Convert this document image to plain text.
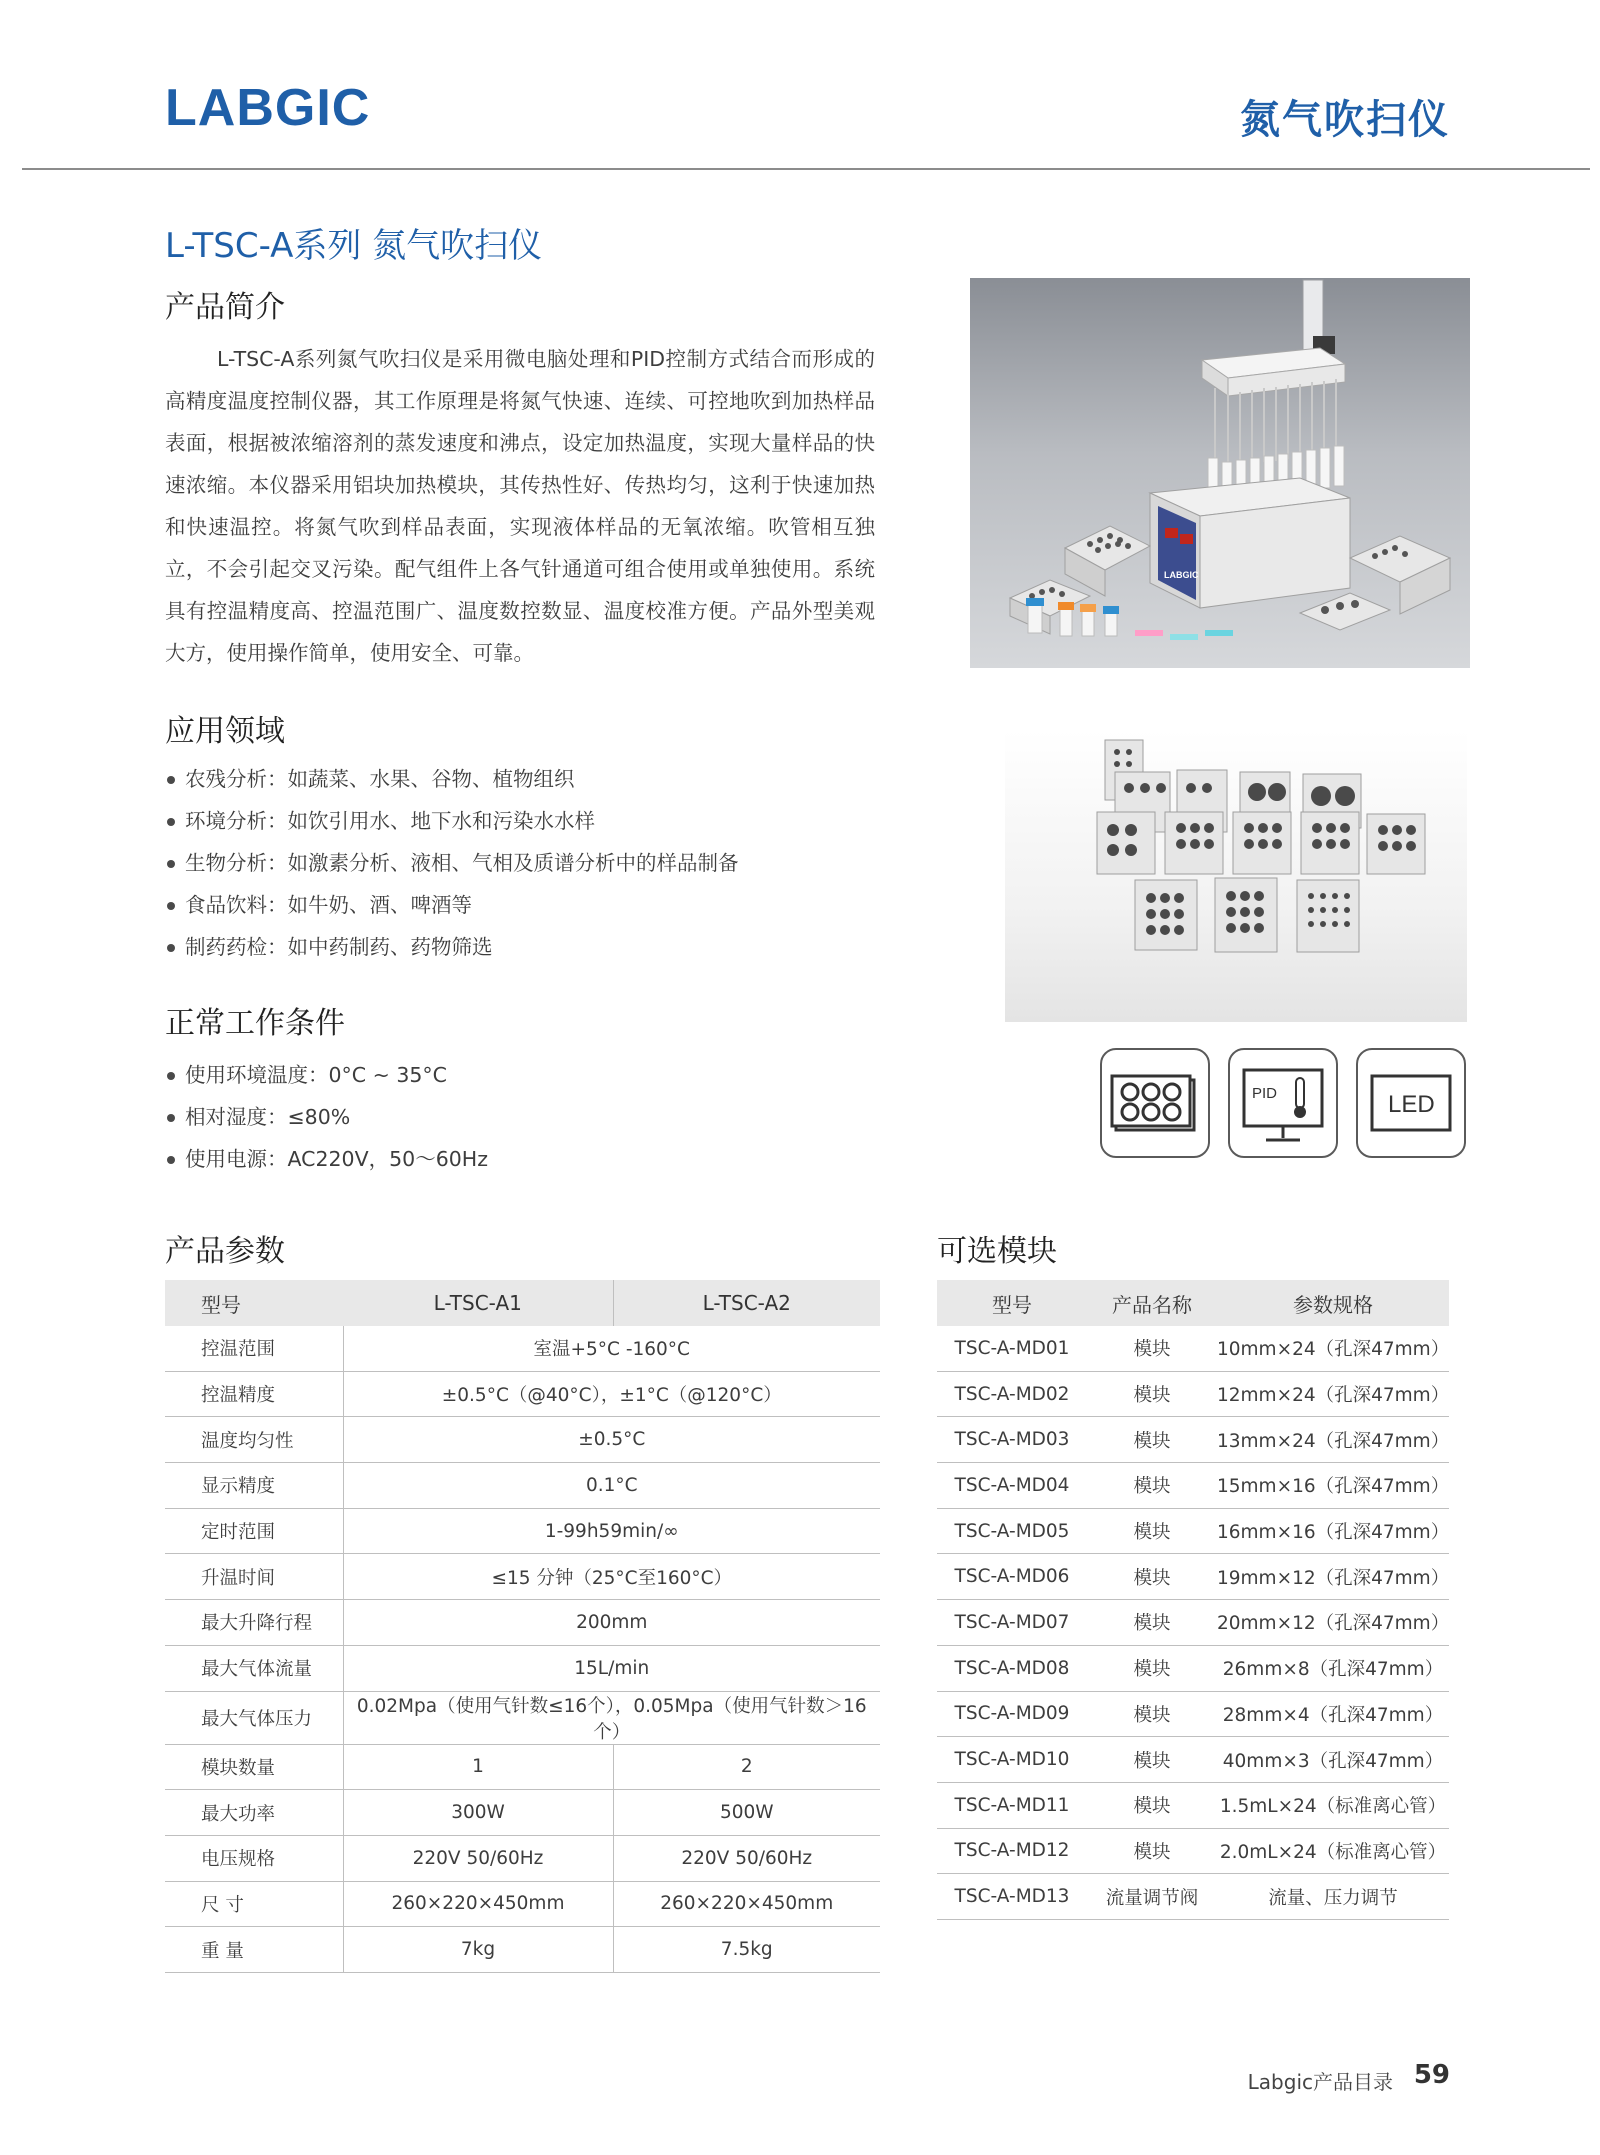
LABGIC	氮气吹扫仪
L-TSC-A系列 氮气吹扫仪
产品简介
L-TSC-A系列氮气吹扫仪是采用微电脑处理和PID控制方式结合而形成的高精度温度控制仪器，其工作原理是将氮气快速、连续、可控地吹到加热样品表面，根据被浓缩溶剂的蒸发速度和沸点，设定加热温度，实现大量样品的快速浓缩。本仪器采用铝块加热模块，其传热性好、传热均匀，这利于快速加热和快速温控。将氮气吹到样品表面，实现液体样品的无氧浓缩。吹管相互独立，不会引起交叉污染。配气组件上各气针通道可组合使用或单独使用。系统具有控温精度高、控温范围广、温度数控数显、温度校准方便。产品外型美观大方，使用操作简单，使用安全、可靠。
应用领域
农残分析：如蔬菜、水果、谷物、植物组织
环境分析：如饮引用水、地下水和污染水水样
生物分析：如激素分析、液相、气相及质谱分析中的样品制备
食品饮料：如牛奶、酒、啤酒等
制药药检：如中药制药、药物筛选
正常工作条件
使用环境温度：0°C ~ 35°C
相对湿度：≤80%
使用电源：AC220V，50～60Hz
LABGIC
PID	LED
产品参数
型号	L-TSC-A1	L-TSC-A2
控温范围	室温+5°C -160°C	
控温精度	±0.5°C（@40°C），±1°C（@120°C）	
温度均匀性	±0.5°C	
显示精度	0.1°C	
定时范围	1-99h59min/∞	
升温时间	≤15 分钟（25°C至160°C）	
最大升降行程	200mm	
最大气体流量	15L/min	
最大气体压力	0.02Mpa（使用气针数≤16个），0.05Mpa（使用气针数＞16个）	
模块数量	1	2
最大功率	300W	500W
电压规格	220V 50/60Hz	220V 50/60Hz
尺 寸	260×220×450mm	260×220×450mm
重 量	7kg	7.5kg
可选模块
型号	产品名称	参数规格
TSC-A-MD01	模块	10mm×24（孔深47mm）
TSC-A-MD02	模块	12mm×24（孔深47mm）
TSC-A-MD03	模块	13mm×24（孔深47mm）
TSC-A-MD04	模块	15mm×16（孔深47mm）
TSC-A-MD05	模块	16mm×16（孔深47mm）
TSC-A-MD06	模块	19mm×12（孔深47mm）
TSC-A-MD07	模块	20mm×12（孔深47mm）
TSC-A-MD08	模块	26mm×8（孔深47mm）
TSC-A-MD09	模块	28mm×4（孔深47mm）
TSC-A-MD10	模块	40mm×3（孔深47mm）
TSC-A-MD11	模块	1.5mL×24（标准离心管）
TSC-A-MD12	模块	2.0mL×24（标准离心管）
TSC-A-MD13	流量调节阀	流量、压力调节
Labgic产品目录 59
